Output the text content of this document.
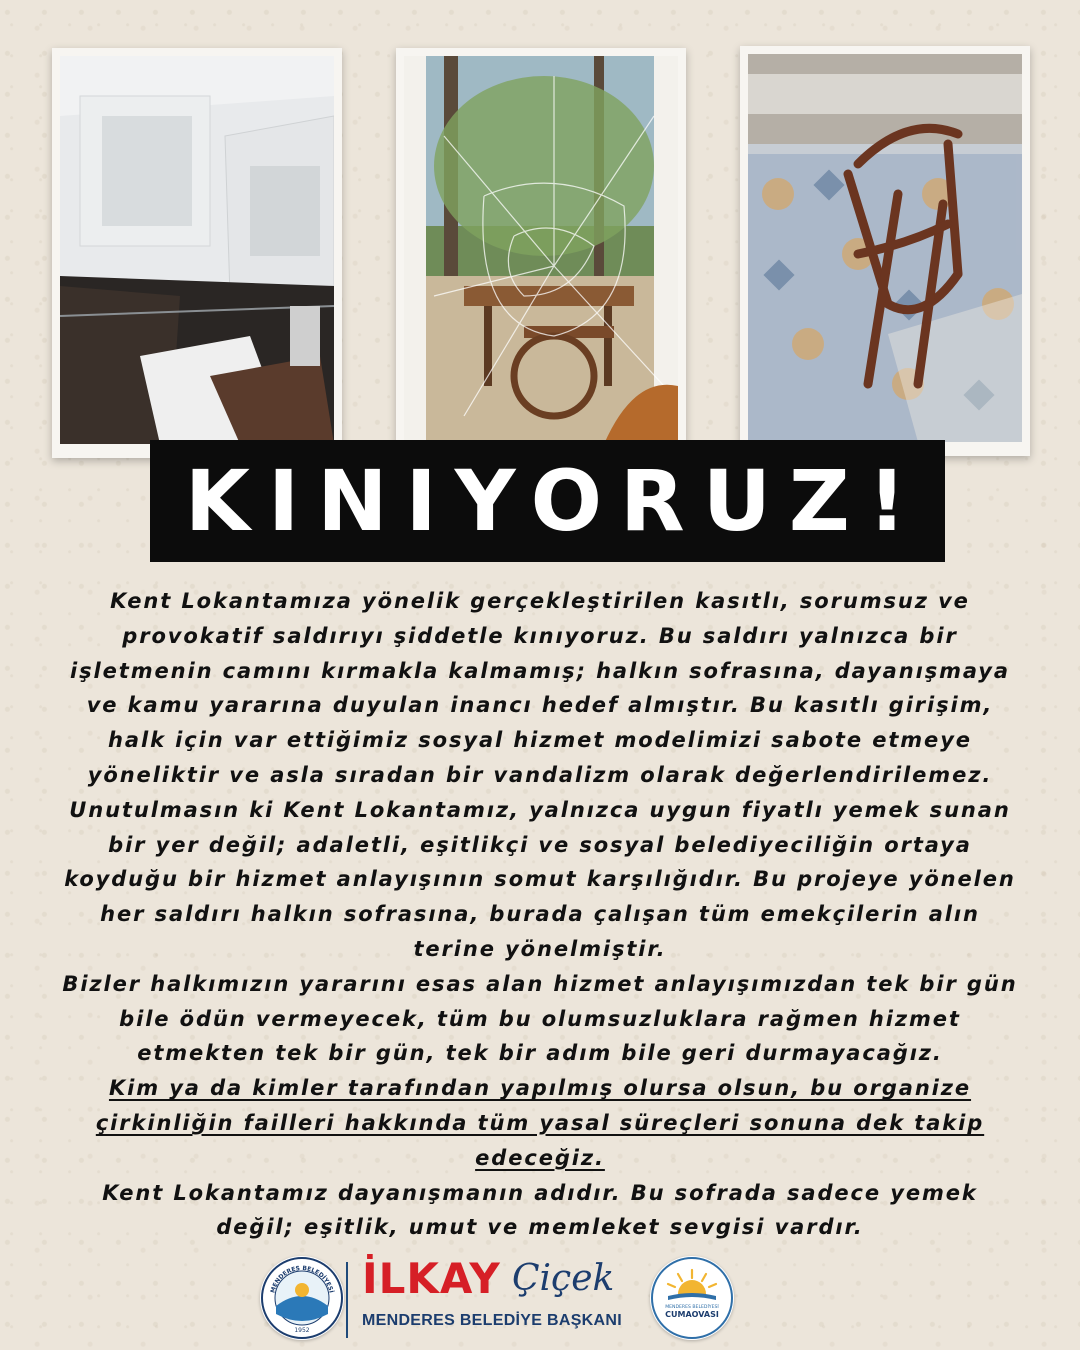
KINIYORUZ!
Kent Lokantamıza yönelik gerçekleştirilen kasıtlı, sorumsuz ve
provokatif saldırıyı şiddetle kınıyoruz. Bu saldırı yalnızca bir
işletmenin camını kırmakla kalmamış; halkın sofrasına, dayanışmaya
ve kamu yararına duyulan inancı hedef almıştır. Bu kasıtlı girişim,
halk için var ettiğimiz sosyal hizmet modelimizi sabote etmeye
yöneliktir ve asla sıradan bir vandalizm olarak değerlendirilemez.
Unutulmasın ki Kent Lokantamız, yalnızca uygun fiyatlı yemek sunan
bir yer değil; adaletli, eşitlikçi ve sosyal belediyeciliğin ortaya
koyduğu bir hizmet anlayışının somut karşılığıdır. Bu projeye yönelen
her saldırı halkın sofrasına, burada çalışan tüm emekçilerin alın
terine yönelmiştir.
Bizler halkımızın yararını esas alan hizmet anlayışımızdan tek bir gün
bile ödün vermeyecek, tüm bu olumsuzluklara rağmen hizmet
etmekten tek bir gün, tek bir adım bile geri durmayacağız.
Kim ya da kimler tarafından yapılmış olursa olsun, bu organize
çirkinliğin failleri hakkında tüm yasal süreçleri sonuna dek takip
edeceğiz.
Kent Lokantamız dayanışmanın adıdır. Bu sofrada sadece yemek
değil; eşitlik, umut ve memleket sevgisi vardır.
MENDERES BELEDİYESİ
1952
İLKAY Çiçek
MENDERES BELEDİYE BAŞKANI
MENDERES BELEDİYESİ
CUMAOVASI
